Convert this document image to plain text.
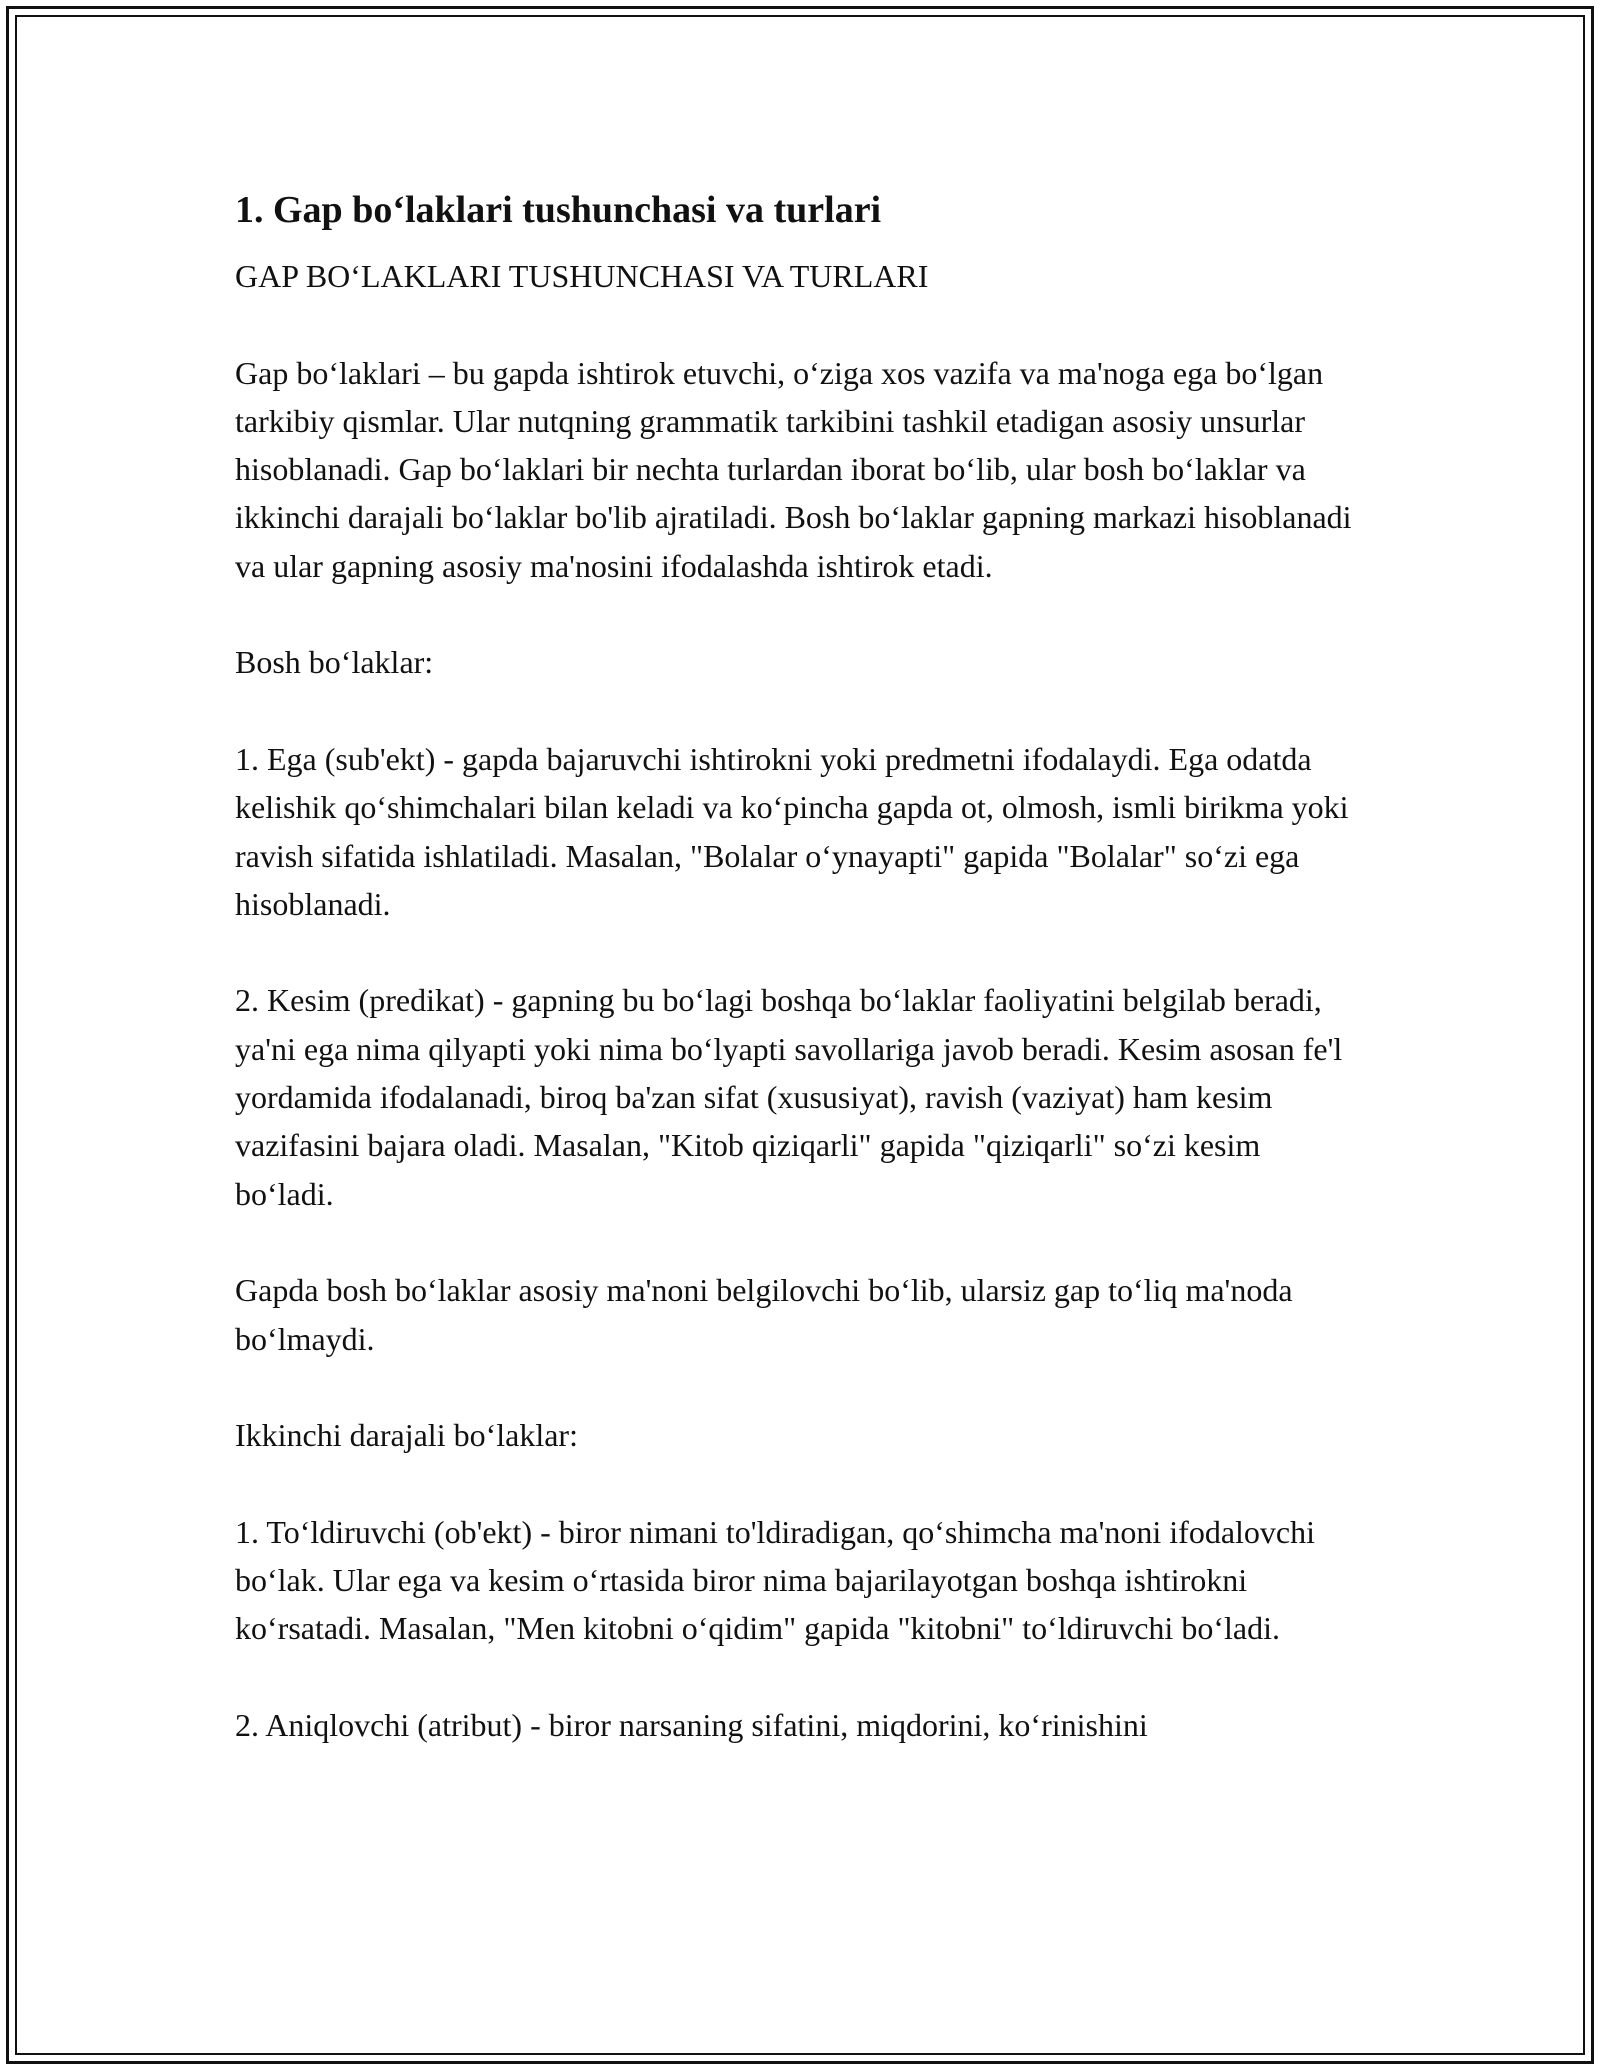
1. Gap bo‘laklari tushunchasi va turlari

GAP BO‘LAKLARI TUSHUNCHASI VA TURLARI

Gap bo‘laklari – bu gapda ishtirok etuvchi, o‘ziga xos vazifa va ma'noga ega bo‘lgan tarkibiy qismlar. Ular nutqning grammatik tarkibini tashkil etadigan asosiy unsurlar hisoblanadi. Gap bo‘laklari bir nechta turlardan iborat bo‘lib, ular bosh bo‘laklar va ikkinchi darajali bo‘laklar bo'lib ajratiladi. Bosh bo‘laklar gapning markazi hisoblanadi va ular gapning asosiy ma'nosini ifodalashda ishtirok etadi.

Bosh bo‘laklar:

1. Ega (sub'ekt) - gapda bajaruvchi ishtirokni yoki predmetni ifodalaydi. Ega odatda kelishik qo‘shimchalari bilan keladi va ko‘pincha gapda ot, olmosh, ismli birikma yoki ravish sifatida ishlatiladi. Masalan, "Bolalar o‘ynayapti" gapida "Bolalar" so‘zi ega hisoblanadi.

2. Kesim (predikat) - gapning bu bo‘lagi boshqa bo‘laklar faoliyatini belgilab beradi, ya'ni ega nima qilyapti yoki nima bo‘lyapti savollariga javob beradi. Kesim asosan fe'l yordamida ifodalanadi, biroq ba'zan sifat (xususiyat), ravish (vaziyat) ham kesim vazifasini bajara oladi. Masalan, "Kitob qiziqarli" gapida "qiziqarli" so‘zi kesim bo‘ladi.

Gapda bosh bo‘laklar asosiy ma'noni belgilovchi bo‘lib, ularsiz gap to‘liq ma'noda bo‘lmaydi.

Ikkinchi darajali bo‘laklar:

1. To‘ldiruvchi (ob'ekt) - biror nimani to'ldiradigan, qo‘shimcha ma'noni ifodalovchi bo‘lak. Ular ega va kesim o‘rtasida biror nima bajarilayotgan boshqa ishtirokni ko‘rsatadi. Masalan, "Men kitobni o‘qidim" gapida "kitobni" to‘ldiruvchi bo‘ladi.

2. Aniqlovchi (atribut) - biror narsaning sifatini, miqdorini, ko‘rinishini
